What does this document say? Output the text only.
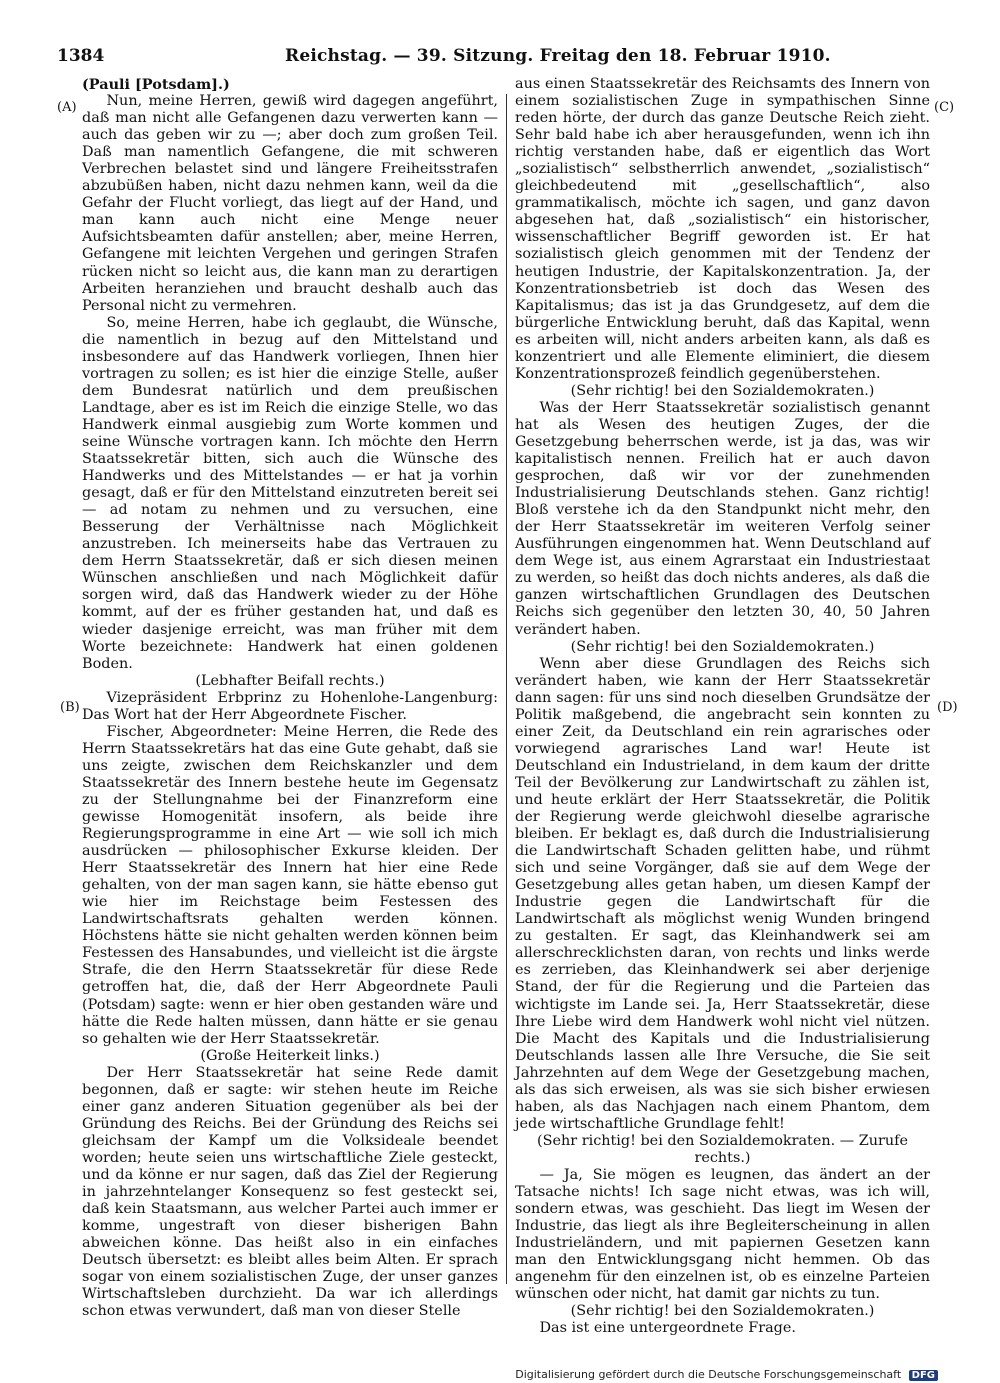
1384	Reichstag. — 39. Sitzung. Freitag den 18. Februar 1910.
(A)
(B)
(C)
(D)

(Pauli [Potsdam].)

Nun, meine Herren, gewiß wird dagegen angeführt, daß man nicht alle Gefangenen dazu verwerten kann — auch das geben wir zu —; aber doch zum großen Teil. Daß man namentlich Gefangene, die mit schweren Verbrechen belastet sind und längere Freiheitsstrafen abzubüßen haben, nicht dazu nehmen kann, weil da die Gefahr der Flucht vorliegt, das liegt auf der Hand, und man kann auch nicht eine Menge neuer Aufsichtsbeamten dafür anstellen; aber, meine Herren, Gefangene mit leichten Vergehen und geringen Strafen rücken nicht so leicht aus, die kann man zu derartigen Arbeiten heranziehen und braucht deshalb auch das Personal nicht zu vermehren.

So, meine Herren, habe ich geglaubt, die Wünsche, die namentlich in bezug auf den Mittelstand und insbesondere auf das Handwerk vorliegen, Ihnen hier vortragen zu sollen; es ist hier die einzige Stelle, außer dem Bundesrat natürlich und dem preußischen Landtage, aber es ist im Reich die einzige Stelle, wo das Handwerk einmal ausgiebig zum Worte kommen und seine Wünsche vortragen kann. Ich möchte den Herrn Staatssekretär bitten, sich auch die Wünsche des Handwerks und des Mittelstandes — er hat ja vorhin gesagt, daß er für den Mittelstand einzutreten bereit sei — ad notam zu nehmen und zu versuchen, eine Besserung der Verhältnisse nach Möglichkeit anzustreben. Ich meinerseits habe das Vertrauen zu dem Herrn Staatssekretär, daß er sich diesen meinen Wünschen anschließen und nach Möglichkeit dafür sorgen wird, daß das Handwerk wieder zu der Höhe kommt, auf der es früher gestanden hat, und daß es wieder dasjenige erreicht, was man früher mit dem Worte bezeichnete: Handwerk hat einen goldenen Boden.

(Lebhafter Beifall rechts.)

Vizepräsident Erbprinz zu Hohenlohe-Langenburg: Das Wort hat der Herr Abgeordnete Fischer.

Fischer, Abgeordneter: Meine Herren, die Rede des Herrn Staatssekretärs hat das eine Gute gehabt, daß sie uns zeigte, zwischen dem Reichskanzler und dem Staatssekretär des Innern bestehe heute im Gegensatz zu der Stellungnahme bei der Finanzreform eine gewisse Homogenität insofern, als beide ihre Regierungsprogramme in eine Art — wie soll ich mich ausdrücken — philosophischer Exkurse kleiden. Der Herr Staatssekretär des Innern hat hier eine Rede gehalten, von der man sagen kann, sie hätte ebenso gut wie hier im Reichstage beim Festessen des Landwirtschaftsrats gehalten werden können. Höchstens hätte sie nicht gehalten werden können beim Festessen des Hansabundes, und vielleicht ist die ärgste Strafe, die den Herrn Staatssekretär für diese Rede getroffen hat, die, daß der Herr Abgeordnete Pauli (Potsdam) sagte: wenn er hier oben gestanden wäre und hätte die Rede halten müssen, dann hätte er sie genau so gehalten wie der Herr Staatssekretär.

(Große Heiterkeit links.)

Der Herr Staatssekretär hat seine Rede damit begonnen, daß er sagte: wir stehen heute im Reiche einer ganz anderen Situation gegenüber als bei der Gründung des Reichs. Bei der Gründung des Reichs sei gleichsam der Kampf um die Volksideale beendet worden; heute seien uns wirtschaftliche Ziele gesteckt, und da könne er nur sagen, daß das Ziel der Regierung in jahrzehntelanger Konsequenz so fest gesteckt sei, daß kein Staatsmann, aus welcher Partei auch immer er komme, ungestraft von dieser bisherigen Bahn abweichen könne. Das heißt also in ein einfaches Deutsch übersetzt: es bleibt alles beim Alten. Er sprach sogar von einem sozialistischen Zuge, der unser ganzes Wirtschaftsleben durchzieht. Da war ich allerdings schon etwas verwundert, daß man von dieser Stelle

aus einen Staatssekretär des Reichsamts des Innern von einem sozialistischen Zuge in sympathischen Sinne reden hörte, der durch das ganze Deutsche Reich zieht. Sehr bald habe ich aber herausgefunden, wenn ich ihn richtig verstanden habe, daß er eigentlich das Wort „sozialistisch“ selbstherrlich anwendet, „sozialistisch“ gleichbedeutend mit „gesellschaftlich“, also grammatikalisch, möchte ich sagen, und ganz davon abgesehen hat, daß „sozialistisch“ ein historischer, wissenschaftlicher Begriff geworden ist. Er hat sozialistisch gleich genommen mit der Tendenz der heutigen Industrie, der Kapitalskonzentration. Ja, der Konzentrationsbetrieb ist doch das Wesen des Kapitalismus; das ist ja das Grundgesetz, auf dem die bürgerliche Entwicklung beruht, daß das Kapital, wenn es arbeiten will, nicht anders arbeiten kann, als daß es konzentriert und alle Elemente eliminiert, die diesem Konzentrationsprozeß feindlich gegenüberstehen.

(Sehr richtig! bei den Sozialdemokraten.)

Was der Herr Staatssekretär sozialistisch genannt hat als Wesen des heutigen Zuges, der die Gesetzgebung beherrschen werde, ist ja das, was wir kapitalistisch nennen. Freilich hat er auch davon gesprochen, daß wir vor der zunehmenden Industrialisierung Deutschlands stehen. Ganz richtig! Bloß verstehe ich da den Standpunkt nicht mehr, den der Herr Staatssekretär im weiteren Verfolg seiner Ausführungen eingenommen hat. Wenn Deutschland auf dem Wege ist, aus einem Agrarstaat ein Industriestaat zu werden, so heißt das doch nichts anderes, als daß die ganzen wirtschaftlichen Grundlagen des Deutschen Reichs sich gegenüber den letzten 30, 40, 50 Jahren verändert haben.

(Sehr richtig! bei den Sozialdemokraten.)

Wenn aber diese Grundlagen des Reichs sich verändert haben, wie kann der Herr Staatssekretär dann sagen: für uns sind noch dieselben Grundsätze der Politik maßgebend, die angebracht sein konnten zu einer Zeit, da Deutschland ein rein agrarisches oder vorwiegend agrarisches Land war! Heute ist Deutschland ein Industrieland, in dem kaum der dritte Teil der Bevölkerung zur Landwirtschaft zu zählen ist, und heute erklärt der Herr Staatssekretär, die Politik der Regierung werde gleichwohl dieselbe agrarische bleiben. Er beklagt es, daß durch die Industrialisierung die Landwirtschaft Schaden gelitten habe, und rühmt sich und seine Vorgänger, daß sie auf dem Wege der Gesetzgebung alles getan haben, um diesen Kampf der Industrie gegen die Landwirtschaft für die Landwirtschaft als möglichst wenig Wunden bringend zu gestalten. Er sagt, das Kleinhandwerk sei am allerschrecklichsten daran, von rechts und links werde es zerrieben, das Kleinhandwerk sei aber derjenige Stand, der für die Regierung und die Parteien das wichtigste im Lande sei. Ja, Herr Staatssekretär, diese Ihre Liebe wird dem Handwerk wohl nicht viel nützen. Die Macht des Kapitals und die Industrialisierung Deutschlands lassen alle Ihre Versuche, die Sie seit Jahrzehnten auf dem Wege der Gesetzgebung machen, als das sich erweisen, als was sie sich bisher erwiesen haben, als das Nachjagen nach einem Phantom, dem jede wirtschaftliche Grundlage fehlt!

(Sehr richtig! bei den Sozialdemokraten. — Zurufe rechts.)

— Ja, Sie mögen es leugnen, das ändert an der Tatsache nichts! Ich sage nicht etwas, was ich will, sondern etwas, was geschieht. Das liegt im Wesen der Industrie, das liegt als ihre Begleiterscheinung in allen Industrieländern, und mit papiernen Gesetzen kann man den Entwicklungsgang nicht hemmen. Ob das angenehm für den einzelnen ist, ob es einzelne Parteien wünschen oder nicht, hat damit gar nichts zu tun.

(Sehr richtig! bei den Sozialdemokraten.)

Das ist eine untergeordnete Frage.

Digitalisierung gefördert durch die Deutsche Forschungsgemeinschaft DFG
